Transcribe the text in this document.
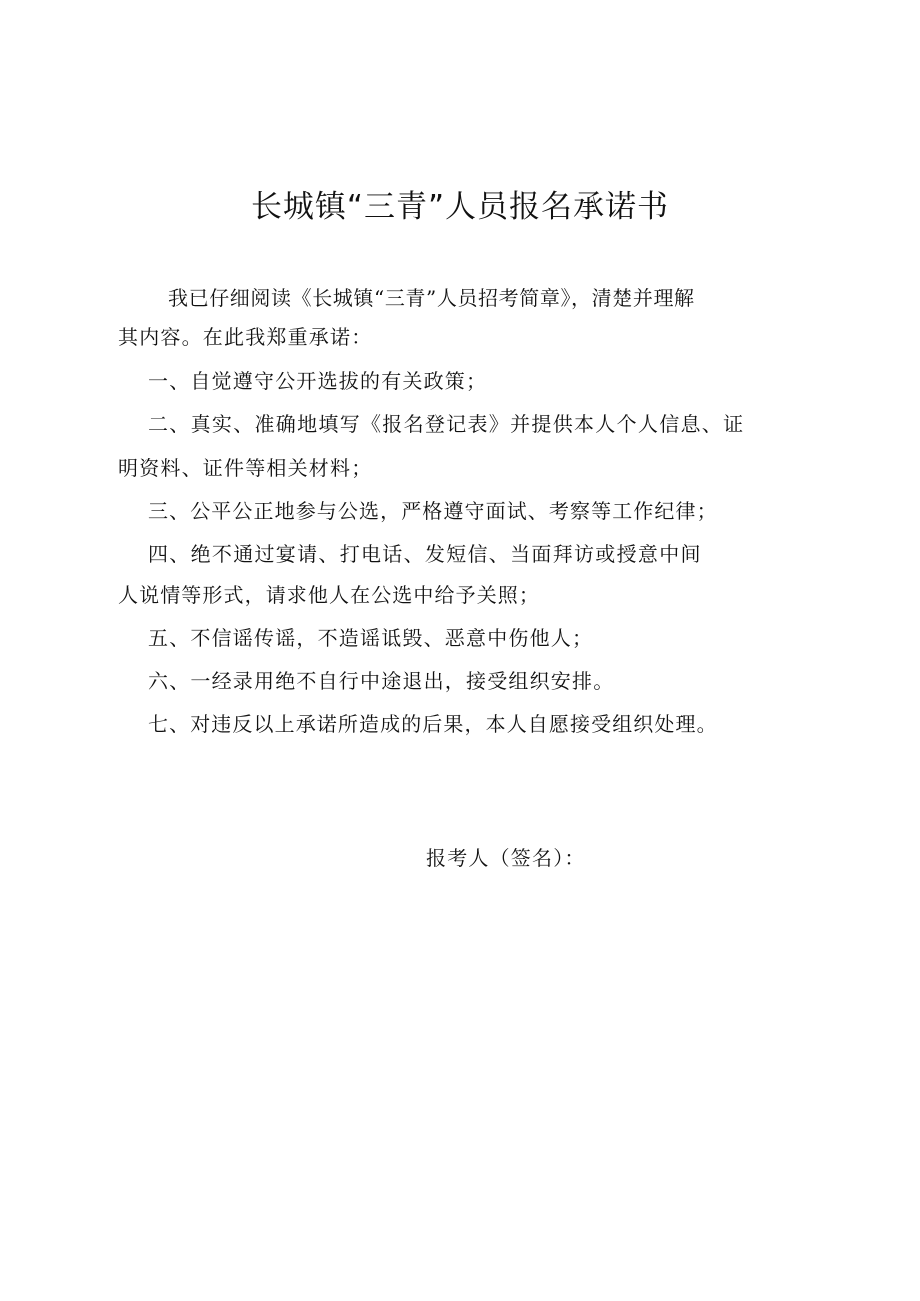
长城镇“三青”人员报名承诺书

我已仔细阅读《长城镇“三青”人员招考简章》，清楚并理解

其内容。在此我郑重承诺：

一、自觉遵守公开选拔的有关政策；

二、真实、准确地填写《报名登记表》并提供本人个人信息、证

明资料、证件等相关材料；

三、公平公正地参与公选，严格遵守面试、考察等工作纪律；

四、绝不通过宴请、打电话、发短信、当面拜访或授意中间

人说情等形式，请求他人在公选中给予关照；

五、不信谣传谣，不造谣诋毁、恶意中伤他人；

六、一经录用绝不自行中途退出，接受组织安排。

七、对违反以上承诺所造成的后果，本人自愿接受组织处理。

报考人（签名）：
